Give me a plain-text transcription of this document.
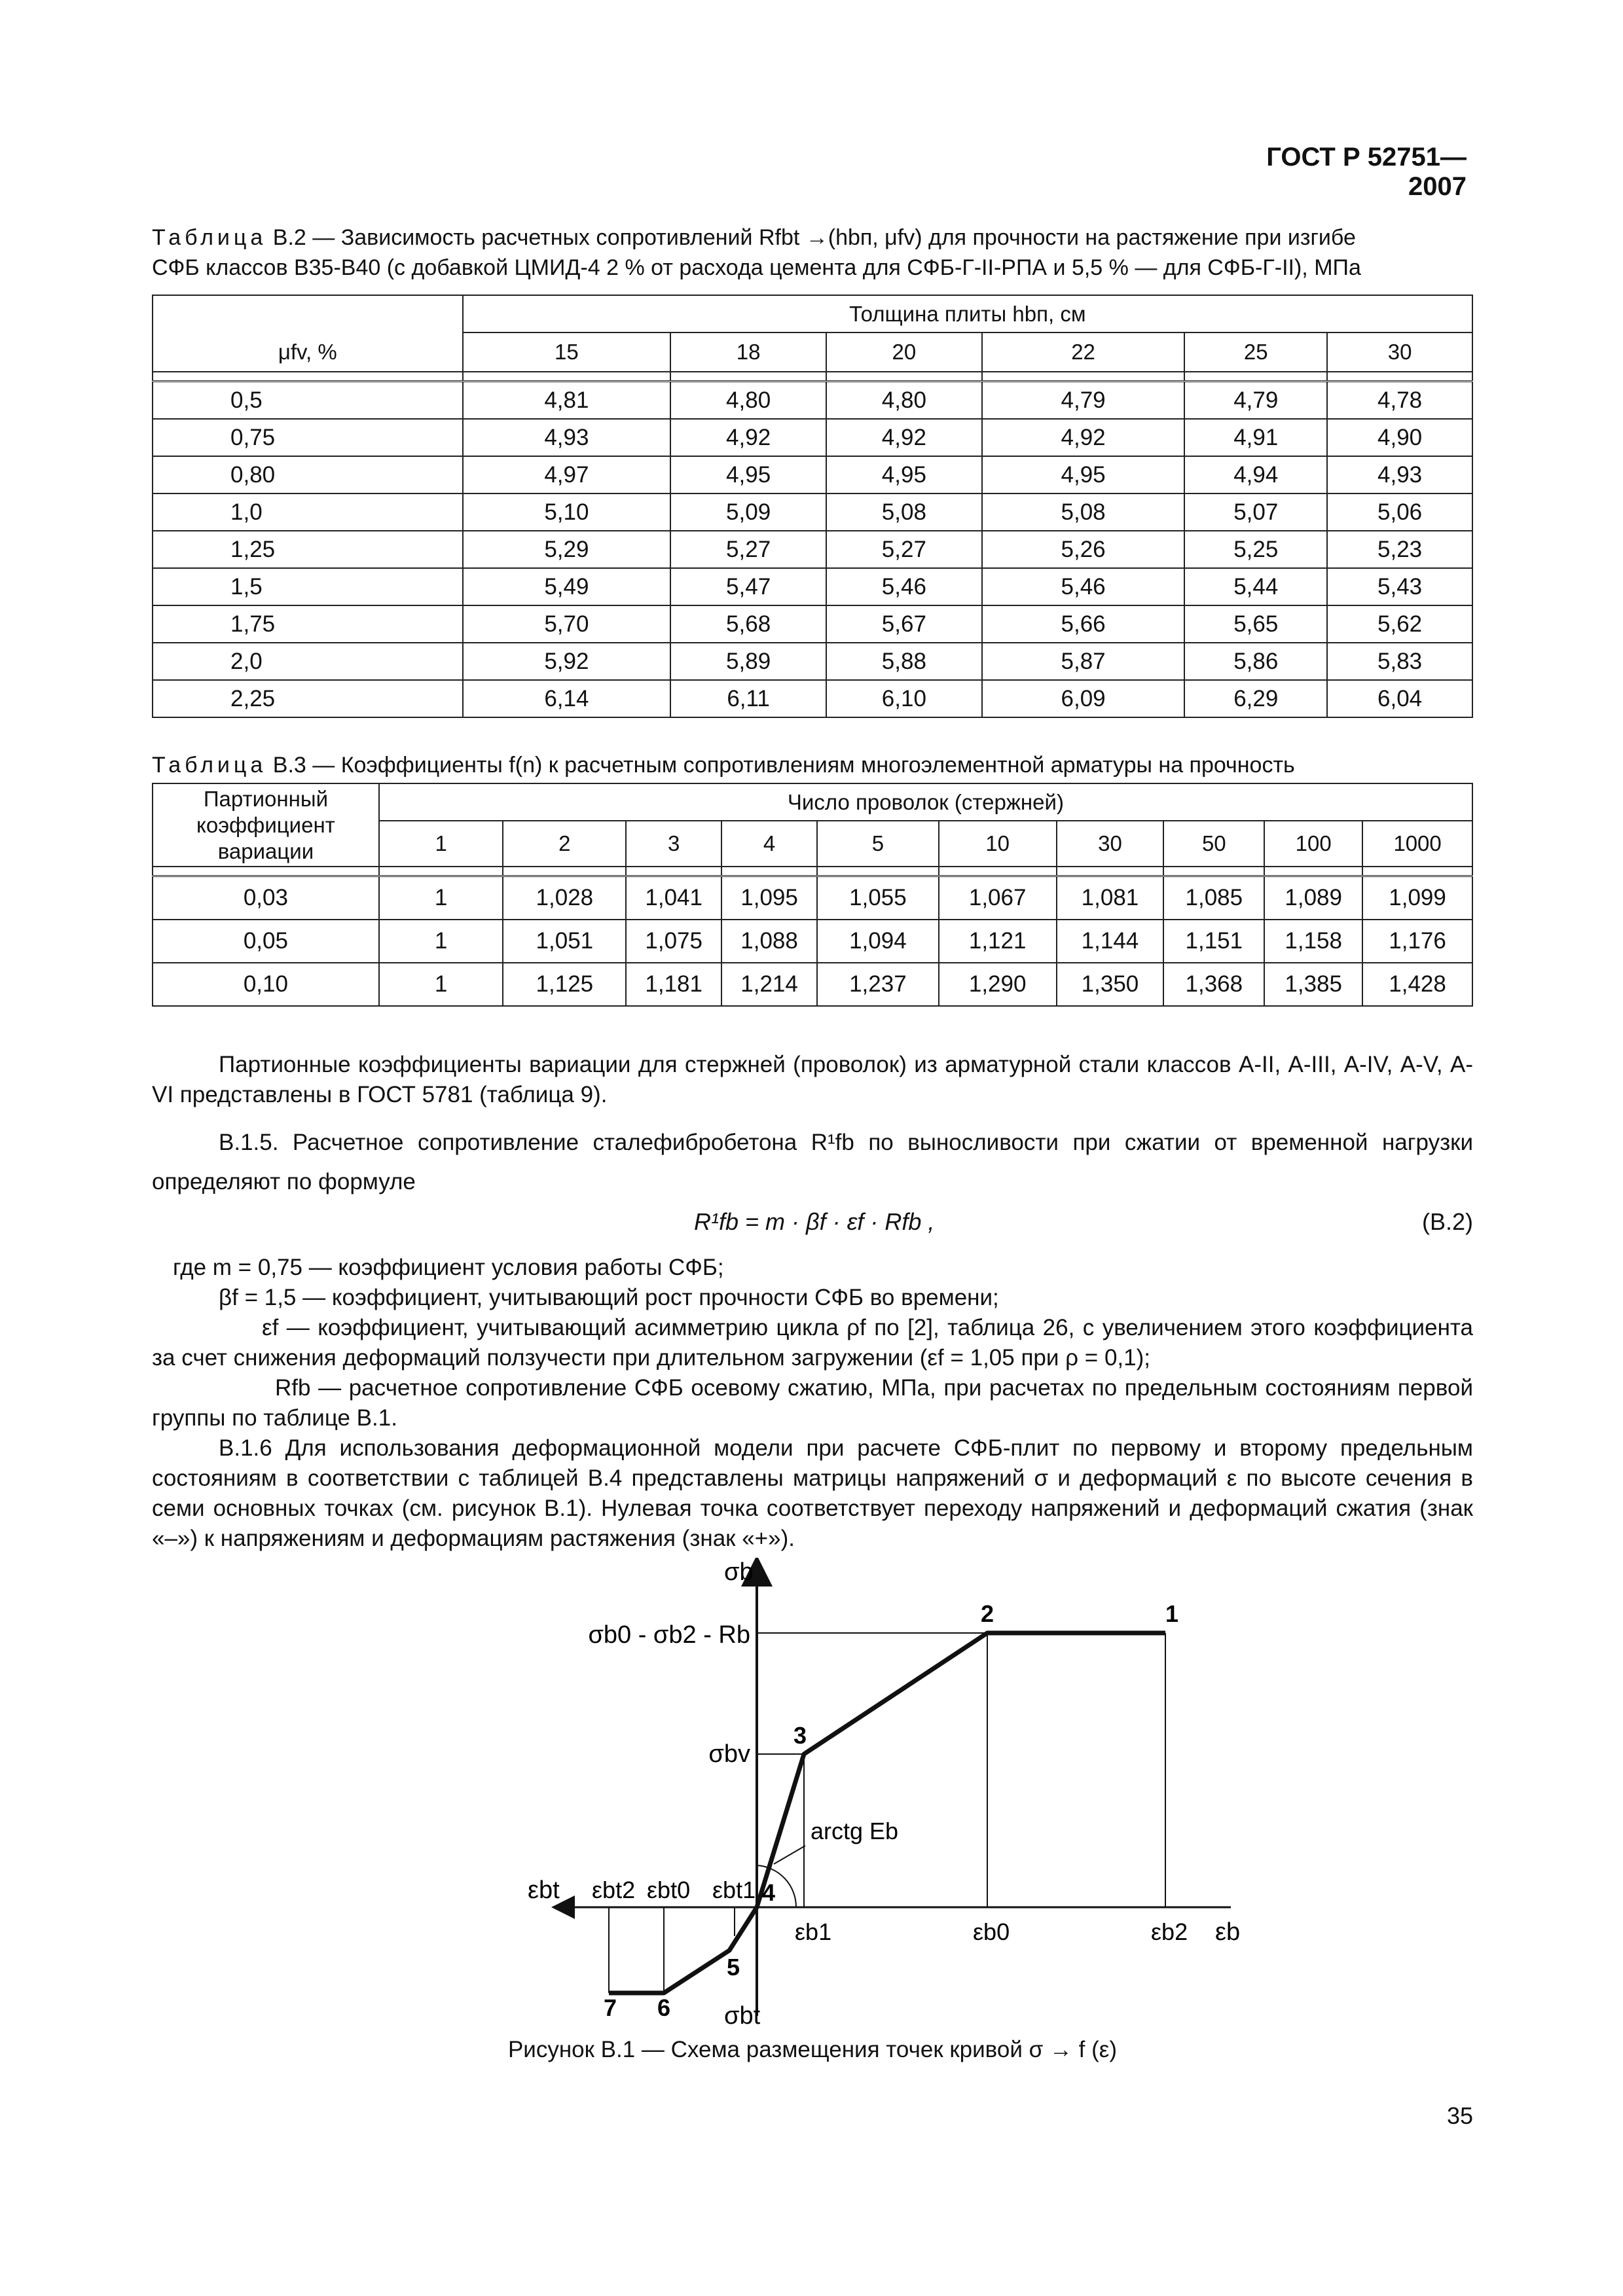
ГОСТ Р 52751—2007
Таблица В.2 — Зависимость расчетных сопротивлений Rfbt →(hbп, μfv) для прочности на растяжение при изгибе
СФБ классов В35-В40 (с добавкой ЦМИД-4 2 % от расхода цемента для СФБ-Г-II-РПА и 5,5 % — для СФБ-Г-II), МПа
	Толщина плиты hbп, см					
μfv, %	15	18	20	22	25	30

0,5	4,81	4,80	4,80	4,79	4,79	4,78
0,75	4,93	4,92	4,92	4,92	4,91	4,90
0,80	4,97	4,95	4,95	4,95	4,94	4,93
1,0	5,10	5,09	5,08	5,08	5,07	5,06
1,25	5,29	5,27	5,27	5,26	5,25	5,23
1,5	5,49	5,47	5,46	5,46	5,44	5,43
1,75	5,70	5,68	5,67	5,66	5,65	5,62
2,0	5,92	5,89	5,88	5,87	5,86	5,83
2,25	6,14	6,11	6,10	6,09	6,29	6,04
Таблица В.3 — Коэффициенты f(n) к расчетным сопротивлениям многоэлементной арматуры на прочность
Партионный коэффициент вариации	Число проволок (стержней)									
	1	2	3	4	5	10	30	50	100	1000

0,03	1	1,028	1,041	1,095	1,055	1,067	1,081	1,085	1,089	1,099
0,05	1	1,051	1,075	1,088	1,094	1,121	1,144	1,151	1,158	1,176
0,10	1	1,125	1,181	1,214	1,237	1,290	1,350	1,368	1,385	1,428
Партионные коэффициенты вариации для стержней (проволок) из арматурной стали классов А-II, А-III, А-IV, А-V, А-VI представлены в ГОСТ 5781 (таблица 9).
В.1.5. Расчетное сопротивление сталефибробетона R¹fb по выносливости при сжатии от временной нагрузки определяют по формуле
R¹fb = m · βf · εf · Rfb ,	(В.2)
где m = 0,75 — коэффициент условия работы СФБ;
βf = 1,5 — коэффициент, учитывающий рост прочности СФБ во времени;
εf — коэффициент, учитывающий асимметрию цикла ρf по [2], таблица 26, с увеличением этого коэффициента за счет снижения деформаций ползучести при длительном загружении (εf = 1,05 при ρ = 0,1);
Rfb — расчетное сопротивление СФБ осевому сжатию, МПа, при расчетах по предельным состояниям первой группы по таблице В.1.
В.1.6 Для использования деформационной модели при расчете СФБ-плит по первому и второму предельным состояниям в соответствии с таблицей В.4 представлены матрицы напряжений σ и деформаций ε по высоте сечения в семи основных точках (см. рисунок В.1). Нулевая точка соответствует переходу напряжений и деформаций сжатия (знак «–») к напряжениям и деформациям растяжения (знак «+»).
σb
σbt
εb
εbt
σb0 - σb2 - Rb
σbv
arctg Eb
εb1	εb0	εb2
εbt2 εbt0 εbt1
1
2
3
4
5
6
7
Рисунок В.1 — Схема размещения точек кривой σ → f (ε)
35
